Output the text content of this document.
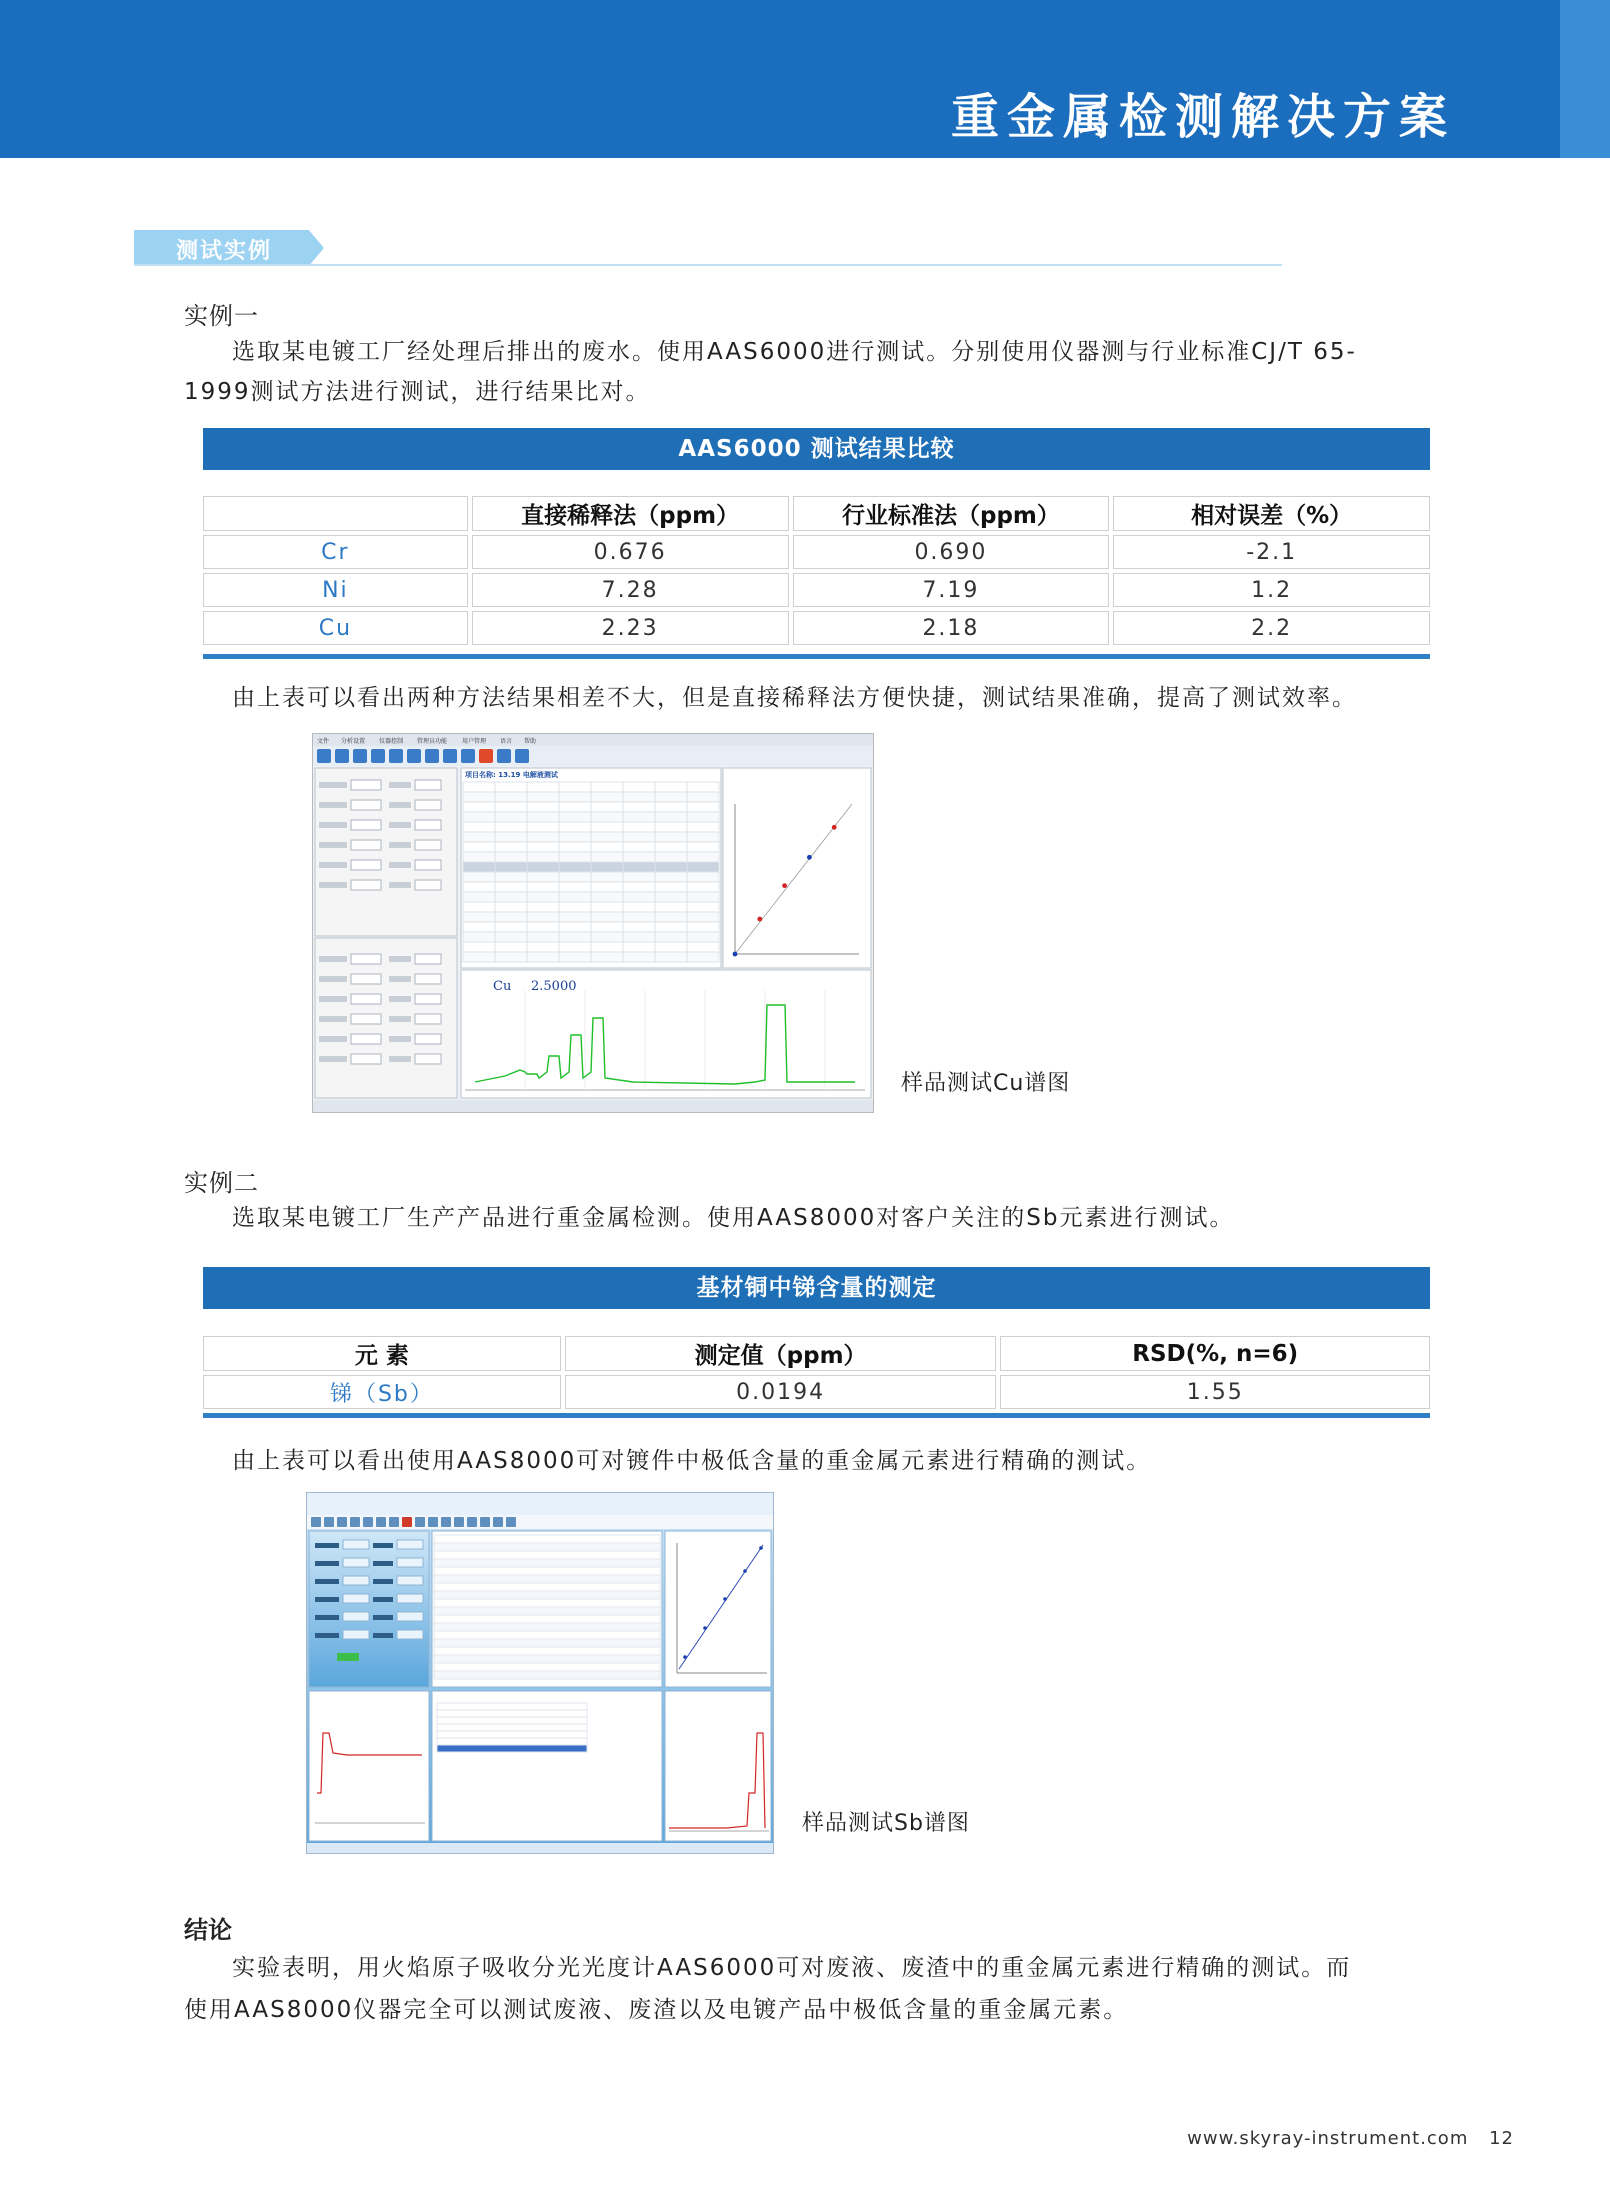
重金属检测解决方案
测试实例
实例一
选取某电镀工厂经处理后排出的废水。使用AAS6000进行测试。分别使用仪器测与行业标准CJ/T 65-
1999测试方法进行测试，进行结果比对。
AAS6000 测试结果比较
	直接稀释法（ppm）	行业标准法（ppm）	相对误差（%）
Cr	0.676	0.690	-2.1
Ni	7.28	7.19	1.2
Cu	2.23	2.18	2.2
由上表可以看出两种方法结果相差不大，但是直接稀释法方便快捷，测试结果准确，提高了测试效率。
文件 分析设置 仪器控制 管理员功能 用户管理 语言 帮助
项目名称: 13.19 电解液测试
Cu 2.5000
样品测试Cu谱图
实例二
选取某电镀工厂生产产品进行重金属检测。使用AAS8000对客户关注的Sb元素进行测试。
基材铜中锑含量的测定
元 素	测定值（ppm）	RSD(%, n=6)
锑（Sb）	0.0194	1.55
由上表可以看出使用AAS8000可对镀件中极低含量的重金属元素进行精确的测试。
样品测试Sb谱图
结论
实验表明，用火焰原子吸收分光光度计AAS6000可对废液、废渣中的重金属元素进行精确的测试。而
使用AAS8000仪器完全可以测试废液、废渣以及电镀产品中极低含量的重金属元素。
www.skyray-instrument.com 12
